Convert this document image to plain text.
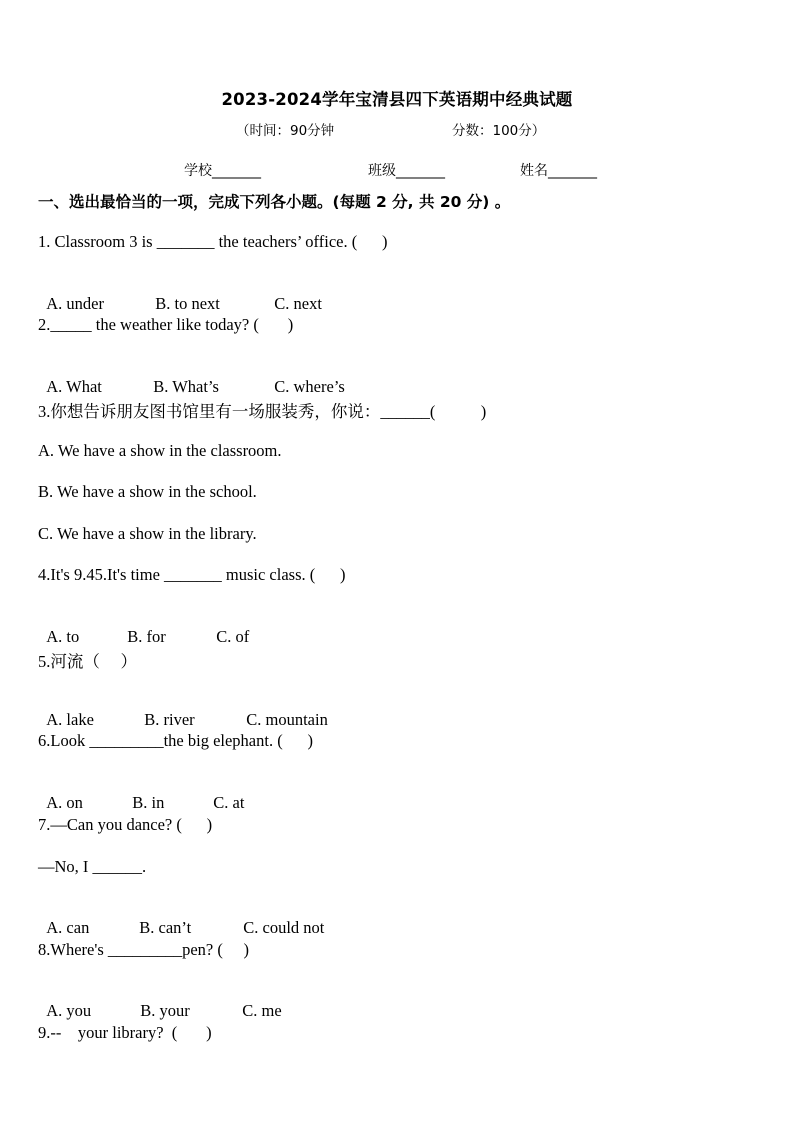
2023-2024学年宝清县四下英语期中经典试题
（时间：90分钟	分数：100分）
学校_______	班级_______	姓名_______
一、选出最恰当的一项，完成下列各小题。(每题 2 分, 共 20 分) 。
1. Classroom 3 is _______ the teachers’ office. (      )

A. under	B. to next	C. next

2._____ the weather like today? (       )

A. What	B. What’s	C. where’s

3.你想告诉朋友图书馆里有一场服装秀，你说：______(           )
A. We have a show in the classroom.
B. We have a show in the school.
C. We have a show in the library.
4.It's 9.45.It's time _______ music class. (      )

A. to	B. for	C. of

5.河流（     ）

A. lake	B. river	C. mountain

6.Look _________the big elephant. (      )

A. on	B. in	C. at

7.—Can you dance? (      )
—No, I ______.

A. can	B. can’t	C. could not

8.Where's _________pen? (     )

A. you	B. your	C. me

9.--    your library?  (       )
